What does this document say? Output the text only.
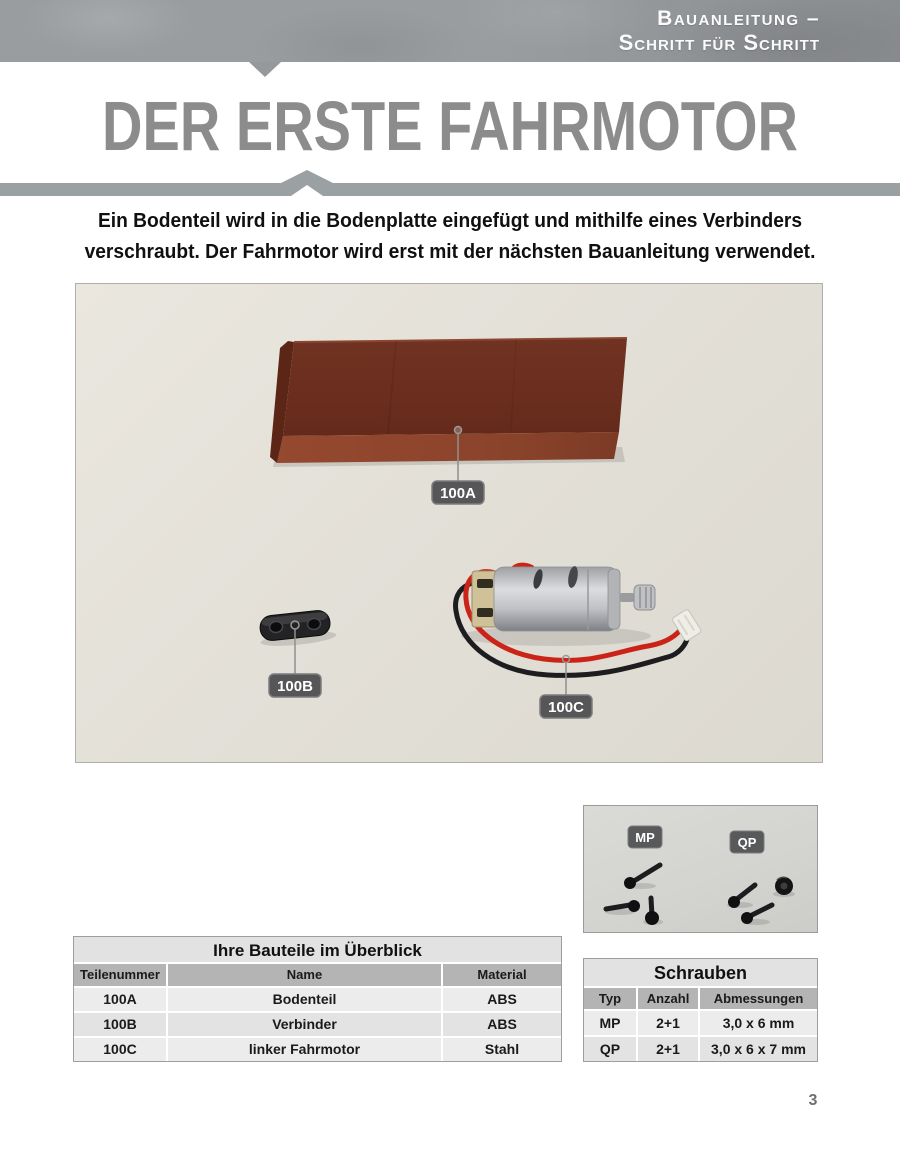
Bauanleitung –
Schritt für Schritt
DER ERSTE FAHRMOTOR
Ein Bodenteil wird in die Bodenplatte eingefügt und mithilfe eines Verbinders
verschraubt. Der Fahrmotor wird erst mit der nächsten Bauanleitung verwendet.
100A
100B
100C
MP	QP
Ihre Bauteile im Überblick
Teilenummer	Name	Material
100A	Bodenteil	ABS
100B	Verbinder	ABS
100C	linker Fahrmotor	Stahl
Schrauben
Typ	Anzahl	Abmessungen
MP	2+1	3,0 x 6 mm
QP	2+1	3,0 x 6 x 7 mm
3
